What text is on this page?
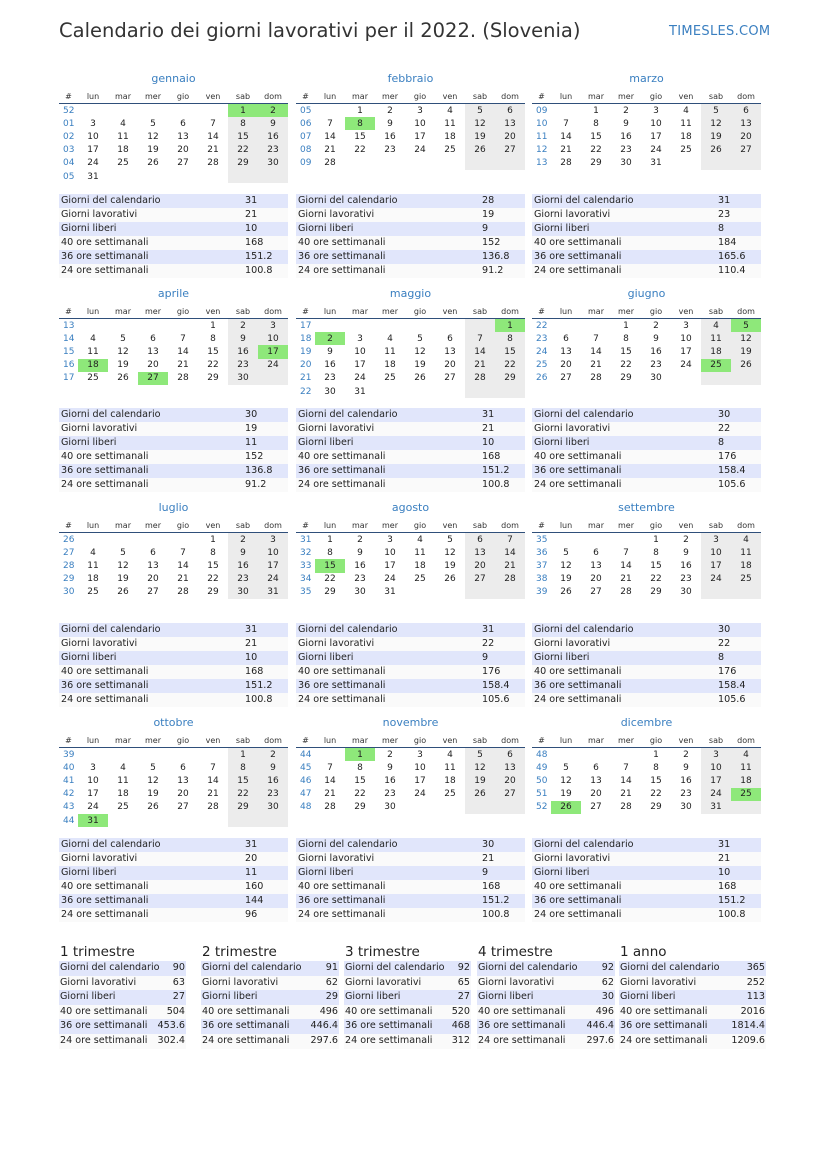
Calendario dei giorni lavorativi per il 2022. (Slovenia)	TIMESLES.COM
gennaio
#	lun	mar	mer	gio	ven	sab	dom
52						1	2
01	3	4	5	6	7	8	9
02	10	11	12	13	14	15	16
03	17	18	19	20	21	22	23
04	24	25	26	27	28	29	30
05	31						
Giorni del calendario	31
Giorni lavorativi	21
Giorni liberi	10
40 ore settimanali	168
36 ore settimanali	151.2
24 ore settimanali	100.8
febbraio
#	lun	mar	mer	gio	ven	sab	dom
05		1	2	3	4	5	6
06	7	8	9	10	11	12	13
07	14	15	16	17	18	19	20
08	21	22	23	24	25	26	27
09	28						
Giorni del calendario	28
Giorni lavorativi	19
Giorni liberi	9
40 ore settimanali	152
36 ore settimanali	136.8
24 ore settimanali	91.2
marzo
#	lun	mar	mer	gio	ven	sab	dom
09		1	2	3	4	5	6
10	7	8	9	10	11	12	13
11	14	15	16	17	18	19	20
12	21	22	23	24	25	26	27
13	28	29	30	31			
Giorni del calendario	31
Giorni lavorativi	23
Giorni liberi	8
40 ore settimanali	184
36 ore settimanali	165.6
24 ore settimanali	110.4
aprile
#	lun	mar	mer	gio	ven	sab	dom
13					1	2	3
14	4	5	6	7	8	9	10
15	11	12	13	14	15	16	17
16	18	19	20	21	22	23	24
17	25	26	27	28	29	30	
Giorni del calendario	30
Giorni lavorativi	19
Giorni liberi	11
40 ore settimanali	152
36 ore settimanali	136.8
24 ore settimanali	91.2
maggio
#	lun	mar	mer	gio	ven	sab	dom
17							1
18	2	3	4	5	6	7	8
19	9	10	11	12	13	14	15
20	16	17	18	19	20	21	22
21	23	24	25	26	27	28	29
22	30	31					
Giorni del calendario	31
Giorni lavorativi	21
Giorni liberi	10
40 ore settimanali	168
36 ore settimanali	151.2
24 ore settimanali	100.8
giugno
#	lun	mar	mer	gio	ven	sab	dom
22			1	2	3	4	5
23	6	7	8	9	10	11	12
24	13	14	15	16	17	18	19
25	20	21	22	23	24	25	26
26	27	28	29	30			
Giorni del calendario	30
Giorni lavorativi	22
Giorni liberi	8
40 ore settimanali	176
36 ore settimanali	158.4
24 ore settimanali	105.6
luglio
#	lun	mar	mer	gio	ven	sab	dom
26					1	2	3
27	4	5	6	7	8	9	10
28	11	12	13	14	15	16	17
29	18	19	20	21	22	23	24
30	25	26	27	28	29	30	31
Giorni del calendario	31
Giorni lavorativi	21
Giorni liberi	10
40 ore settimanali	168
36 ore settimanali	151.2
24 ore settimanali	100.8
agosto
#	lun	mar	mer	gio	ven	sab	dom
31	1	2	3	4	5	6	7
32	8	9	10	11	12	13	14
33	15	16	17	18	19	20	21
34	22	23	24	25	26	27	28
35	29	30	31				
Giorni del calendario	31
Giorni lavorativi	22
Giorni liberi	9
40 ore settimanali	176
36 ore settimanali	158.4
24 ore settimanali	105.6
settembre
#	lun	mar	mer	gio	ven	sab	dom
35				1	2	3	4
36	5	6	7	8	9	10	11
37	12	13	14	15	16	17	18
38	19	20	21	22	23	24	25
39	26	27	28	29	30		
Giorni del calendario	30
Giorni lavorativi	22
Giorni liberi	8
40 ore settimanali	176
36 ore settimanali	158.4
24 ore settimanali	105.6
ottobre
#	lun	mar	mer	gio	ven	sab	dom
39						1	2
40	3	4	5	6	7	8	9
41	10	11	12	13	14	15	16
42	17	18	19	20	21	22	23
43	24	25	26	27	28	29	30
44	31						
Giorni del calendario	31
Giorni lavorativi	20
Giorni liberi	11
40 ore settimanali	160
36 ore settimanali	144
24 ore settimanali	96
novembre
#	lun	mar	mer	gio	ven	sab	dom
44		1	2	3	4	5	6
45	7	8	9	10	11	12	13
46	14	15	16	17	18	19	20
47	21	22	23	24	25	26	27
48	28	29	30				
Giorni del calendario	30
Giorni lavorativi	21
Giorni liberi	9
40 ore settimanali	168
36 ore settimanali	151.2
24 ore settimanali	100.8
dicembre
#	lun	mar	mer	gio	ven	sab	dom
48				1	2	3	4
49	5	6	7	8	9	10	11
50	12	13	14	15	16	17	18
51	19	20	21	22	23	24	25
52	26	27	28	29	30	31	
Giorni del calendario	31
Giorni lavorativi	21
Giorni liberi	10
40 ore settimanali	168
36 ore settimanali	151.2
24 ore settimanali	100.8
1 trimestre
Giorni del calendario 90
Giorni lavorativi	63
Giorni liberi	27
40 ore settimanali 504
36 ore settimanali 453.6
24 ore settimanali 302.4
2 trimestre
Giorni del calendario	91
Giorni lavorativi	62
Giorni liberi	29
40 ore settimanali	496
36 ore settimanali 446.4
24 ore settimanali 297.6
3 trimestre
Giorni del calendario 92
Giorni lavorativi	65
Giorni liberi	27
40 ore settimanali 520
36 ore settimanali 468
24 ore settimanali 312
4 trimestre
Giorni del calendario	92
Giorni lavorativi	62
Giorni liberi	30
40 ore settimanali	496
36 ore settimanali 446.4
24 ore settimanali 297.6
1 anno
Giorni del calendario	365
Giorni lavorativi	252
Giorni liberi	113
40 ore settimanali	2016
36 ore settimanali	1814.4
24 ore settimanali	1209.6
